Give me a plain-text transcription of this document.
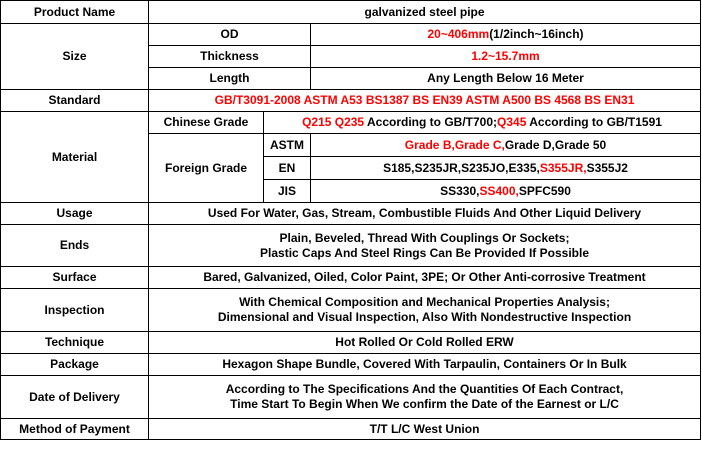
Product Name	galvanized steel pipe		
Size	OD		20~406mm(1/2inch~16inch)
	Thickness		1.2~15.7mm
	Length		Any Length Below 16 Meter
Standard	GB/T3091-2008 ASTM A53 BS1387 BS EN39 ASTM A500 BS 4568 BS EN31		
Material	Chinese Grade	Q215 Q235 According to GB/T700;Q345 According to GB/T1591	
	Foreign Grade	ASTM	Grade B,Grade C,Grade D,Grade 50
		EN	S185,S235JR,S235JO,E335,S355JR,S355J2
		JIS	SS330,SS400,SPFC590
Usage	Used For Water, Gas, Stream, Combustible Fluids And Other Liquid Delivery		
Ends	Plain, Beveled, Thread With Couplings Or Sockets;
Plastic Caps And Steel Rings Can Be Provided If Possible		

Surface	Bared, Galvanized, Oiled, Color Paint, 3PE; Or Other Anti-corrosive Treatment		
Inspection	With Chemical Composition and Mechanical Properties Analysis;
Dimensional and Visual Inspection, Also With Nondestructive Inspection		

Technique	Hot Rolled Or Cold Rolled ERW		
Package	Hexagon Shape Bundle, Covered With Tarpaulin, Containers Or In Bulk		
Date of Delivery	According to The Specifications And the Quantities Of Each Contract,
Time Start To Begin When We confirm the Date of the Earnest or L/C		

Method of Payment	T/T L/C West Union		
